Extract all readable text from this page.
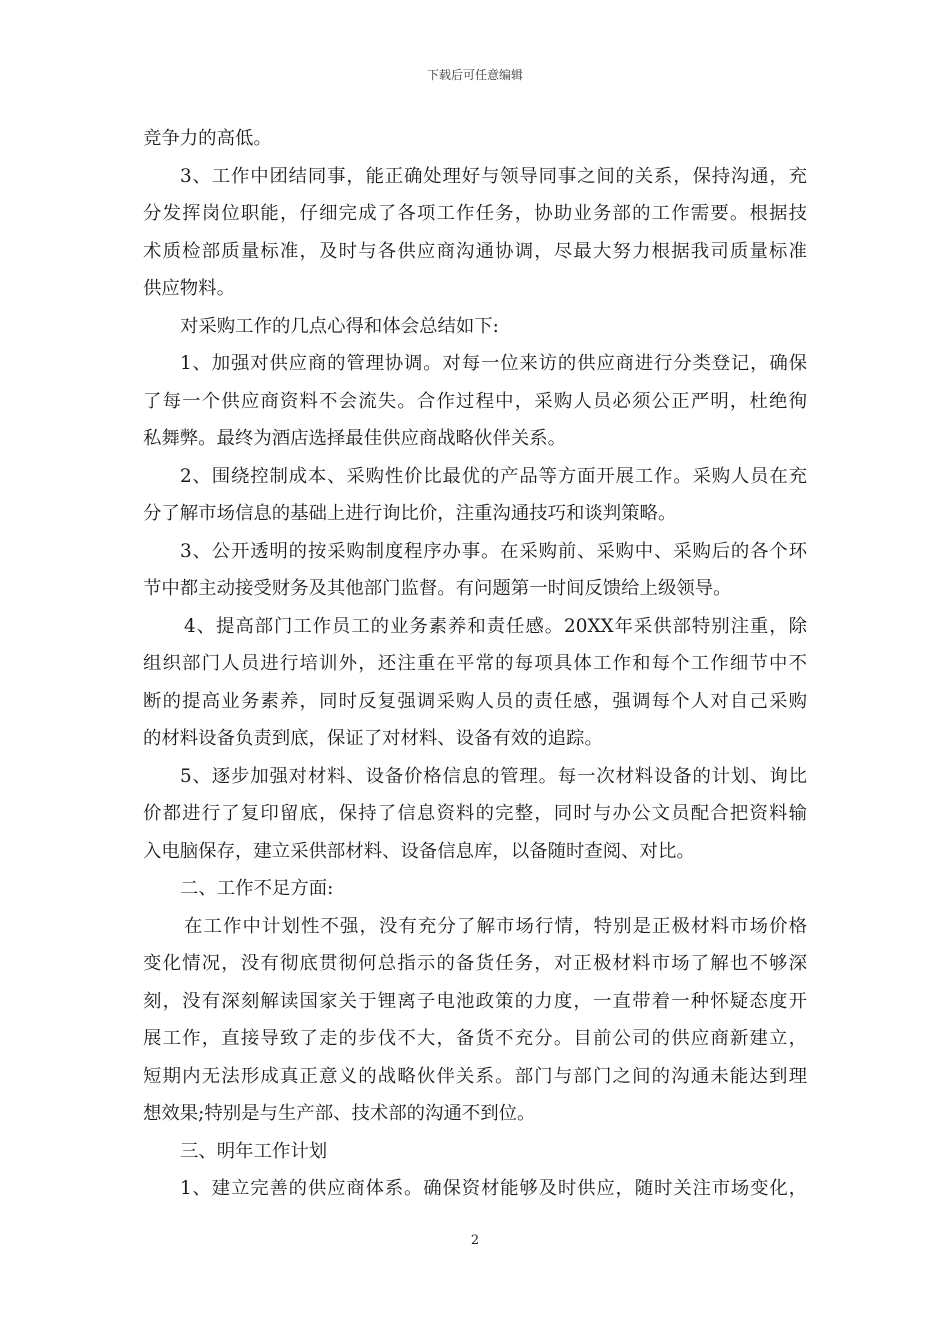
下载后可任意编辑
竞争力的高低。
3、工作中团结同事，能正确处理好与领导同事之间的关系，保持沟通，充
分发挥岗位职能，仔细完成了各项工作任务，协助业务部的工作需要。根据技
术质检部质量标准，及时与各供应商沟通协调，尽最大努力根据我司质量标准
供应物料。
对采购工作的几点心得和体会总结如下:
1、加强对供应商的管理协调。对每一位来访的供应商进行分类登记，确保
了每一个供应商资料不会流失。合作过程中，采购人员必须公正严明，杜绝徇
私舞弊。最终为酒店选择最佳供应商战略伙伴关系。
2、围绕控制成本、采购性价比最优的产品等方面开展工作。采购人员在充
分了解市场信息的基础上进行询比价，注重沟通技巧和谈判策略。
3、公开透明的按采购制度程序办事。在采购前、采购中、采购后的各个环
节中都主动接受财务及其他部门监督。有问题第一时间反馈给上级领导。
4、提高部门工作员工的业务素养和责任感。20XX年采供部特别注重，除
组织部门人员进行培训外，还注重在平常的每项具体工作和每个工作细节中不
断的提高业务素养，同时反复强调采购人员的责任感，强调每个人对自己采购
的材料设备负责到底，保证了对材料、设备有效的追踪。
5、逐步加强对材料、设备价格信息的管理。每一次材料设备的计划、询比
价都进行了复印留底，保持了信息资料的完整，同时与办公文员配合把资料输
入电脑保存，建立采供部材料、设备信息库，以备随时查阅、对比。
二、工作不足方面:
在工作中计划性不强，没有充分了解市场行情，特别是正极材料市场价格
变化情况，没有彻底贯彻何总指示的备货任务，对正极材料市场了解也不够深
刻，没有深刻解读国家关于锂离子电池政策的力度，一直带着一种怀疑态度开
展工作，直接导致了走的步伐不大，备货不充分。目前公司的供应商新建立，
短期内无法形成真正意义的战略伙伴关系。部门与部门之间的沟通未能达到理
想效果;特别是与生产部、技术部的沟通不到位。
三、明年工作计划
1、建立完善的供应商体系。确保资材能够及时供应，随时关注市场变化，
2
